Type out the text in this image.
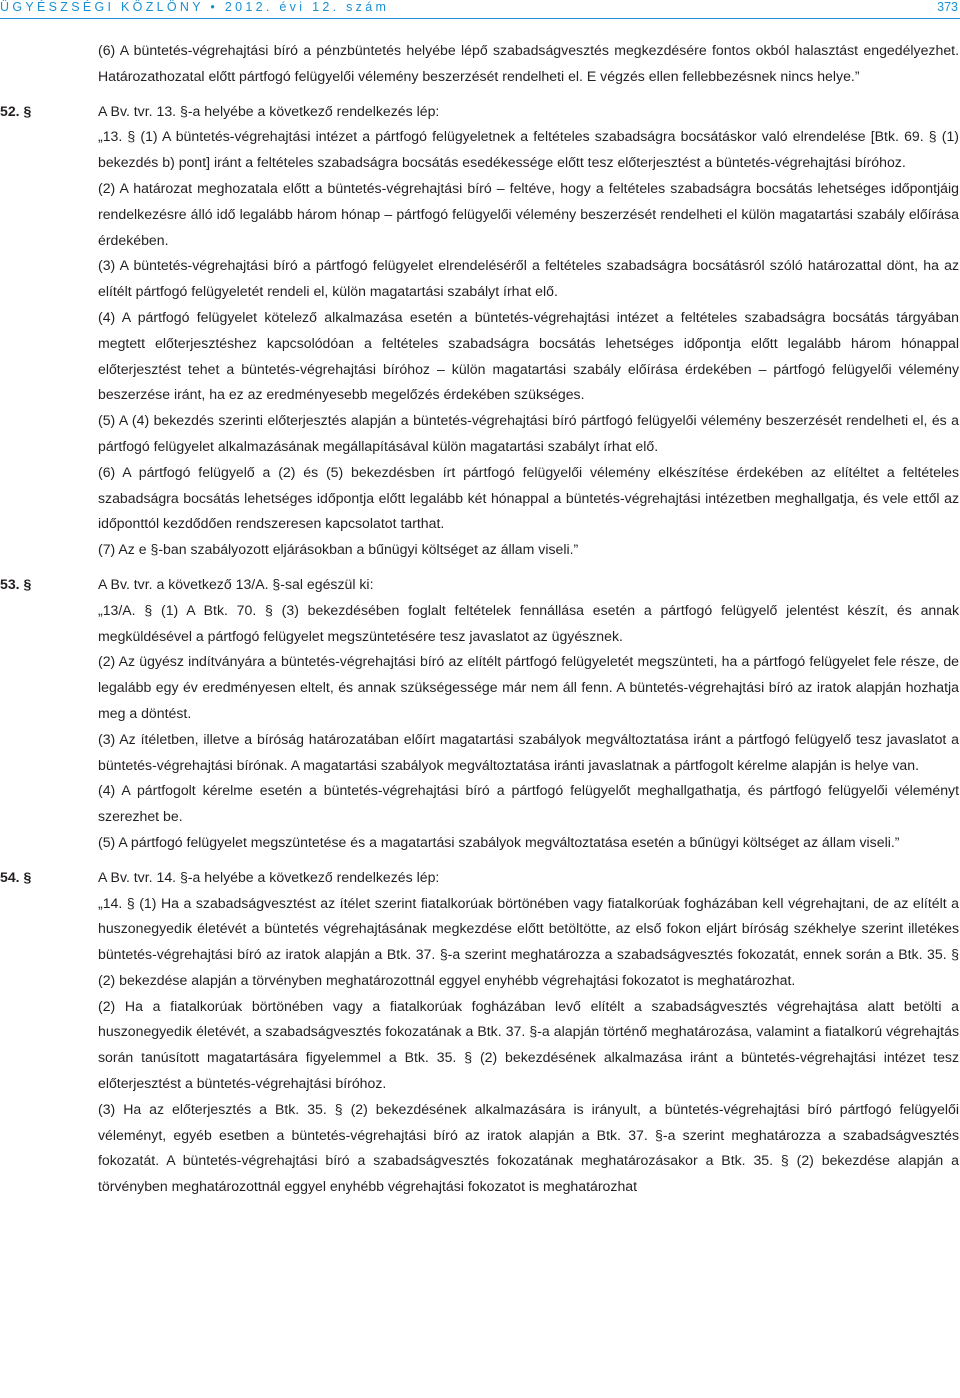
ÜGYÉSZSÉGI KÖZLÖNY • 2012. évi 12. szám	373

(6) A büntetés-végrehajtási bíró a pénzbüntetés helyébe lépő szabadságvesztés megkezdésére fontos okból halasztást engedélyezhet. Határozathozatal előtt pártfogó felügyelői vélemény beszerzését rendelheti el. E végzés ellen fellebbezésnek nincs helye.”

52. §	A Bv. tvr. 13. §-a helyébe a következő rendelkezés lép:

„13. § (1) A büntetés-végrehajtási intézet a pártfogó felügyeletnek a feltételes szabadságra bocsátáskor való elrendelése [Btk. 69. § (1) bekezdés b) pont] iránt a feltételes szabadságra bocsátás esedékessége előtt tesz előterjesztést a büntetés-végrehajtási bíróhoz.

(2) A határozat meghozatala előtt a büntetés-végrehajtási bíró – feltéve, hogy a feltételes szabadságra bocsátás lehetséges időpontjáig rendelkezésre álló idő legalább három hónap – pártfogó felügyelői vélemény beszerzését rendelheti el külön magatartási szabály előírása érdekében.

(3) A büntetés-végrehajtási bíró a pártfogó felügyelet elrendeléséről a feltételes szabadságra bocsátásról szóló határozattal dönt, ha az elítélt pártfogó felügyeletét rendeli el, külön magatartási szabályt írhat elő.

(4) A pártfogó felügyelet kötelező alkalmazása esetén a büntetés-végrehajtási intézet a feltételes szabadságra bocsátás tárgyában megtett előterjesztéshez kapcsolódóan a feltételes szabadságra bocsátás lehetséges időpontja előtt legalább három hónappal előterjesztést tehet a büntetés-végrehajtási bíróhoz – külön magatartási szabály előírása érdekében – pártfogó felügyelői vélemény beszerzése iránt, ha ez az eredményesebb megelőzés érdekében szükséges.

(5) A (4) bekezdés szerinti előterjesztés alapján a büntetés-végrehajtási bíró pártfogó felügyelői vélemény beszerzését rendelheti el, és a pártfogó felügyelet alkalmazásának megállapításával külön magatartási szabályt írhat elő.

(6) A pártfogó felügyelő a (2) és (5) bekezdésben írt pártfogó felügyelői vélemény elkészítése érdekében az elítéltet a feltételes szabadságra bocsátás lehetséges időpontja előtt legalább két hónappal a büntetés-végrehajtási intézetben meghallgatja, és vele ettől az időponttól kezdődően rendszeresen kapcsolatot tarthat.

(7) Az e §-ban szabályozott eljárásokban a bűnügyi költséget az állam viseli.”

53. §	A Bv. tvr. a következő 13/A. §-sal egészül ki:

„13/A. § (1) A Btk. 70. § (3) bekezdésében foglalt feltételek fennállása esetén a pártfogó felügyelő jelentést készít, és annak megküldésével a pártfogó felügyelet megszüntetésére tesz javaslatot az ügyésznek.

(2) Az ügyész indítványára a büntetés-végrehajtási bíró az elítélt pártfogó felügyeletét megszünteti, ha a pártfogó felügyelet fele része, de legalább egy év eredményesen eltelt, és annak szükségessége már nem áll fenn. A büntetés-végrehajtási bíró az iratok alapján hozhatja meg a döntést.

(3) Az ítéletben, illetve a bíróság határozatában előírt magatartási szabályok megváltoztatása iránt a pártfogó felügyelő tesz javaslatot a büntetés-végrehajtási bírónak. A magatartási szabályok megváltoztatása iránti javaslatnak a pártfogolt kérelme alapján is helye van.

(4) A pártfogolt kérelme esetén a büntetés-végrehajtási bíró a pártfogó felügyelőt meghallgathatja, és pártfogó felügyelői véleményt szerezhet be.

(5) A pártfogó felügyelet megszüntetése és a magatartási szabályok megváltoztatása esetén a bűnügyi költséget az állam viseli.”

54. §	A Bv. tvr. 14. §-a helyébe a következő rendelkezés lép:

„14. § (1) Ha a szabadságvesztést az ítélet szerint fiatalkorúak börtönében vagy fiatalkorúak fogházában kell végrehajtani, de az elítélt a huszonegyedik életévét a büntetés végrehajtásának megkezdése előtt betöltötte, az első fokon eljárt bíróság székhelye szerint illetékes büntetés-végrehajtási bíró az iratok alapján a Btk. 37. §-a szerint meghatározza a szabadságvesztés fokozatát, ennek során a Btk. 35. § (2) bekezdése alapján a törvényben meghatározottnál eggyel enyhébb végrehajtási fokozatot is meghatározhat.

(2) Ha a fiatalkorúak börtönében vagy a fiatalkorúak fogházában levő elítélt a szabadságvesztés végrehajtása alatt betölti a huszonegyedik életévét, a szabadságvesztés fokozatának a Btk. 37. §-a alapján történő meghatározása, valamint a fiatalkorú végrehajtás során tanúsított magatartására figyelemmel a Btk. 35. § (2) bekezdésének alkalmazása iránt a büntetés-végrehajtási intézet tesz előterjesztést a büntetés-végrehajtási bíróhoz.

(3) Ha az előterjesztés a Btk. 35. § (2) bekezdésének alkalmazására is irányult, a büntetés-végrehajtási bíró pártfogó felügyelői véleményt, egyéb esetben a büntetés-végrehajtási bíró az iratok alapján a Btk. 37. §-a szerint meghatározza a szabadságvesztés fokozatát. A büntetés-végrehajtási bíró a szabadságvesztés fokozatának meghatározásakor a Btk. 35. § (2) bekezdése alapján a törvényben meghatározottnál eggyel enyhébb végrehajtási fokozatot is meghatározhat
